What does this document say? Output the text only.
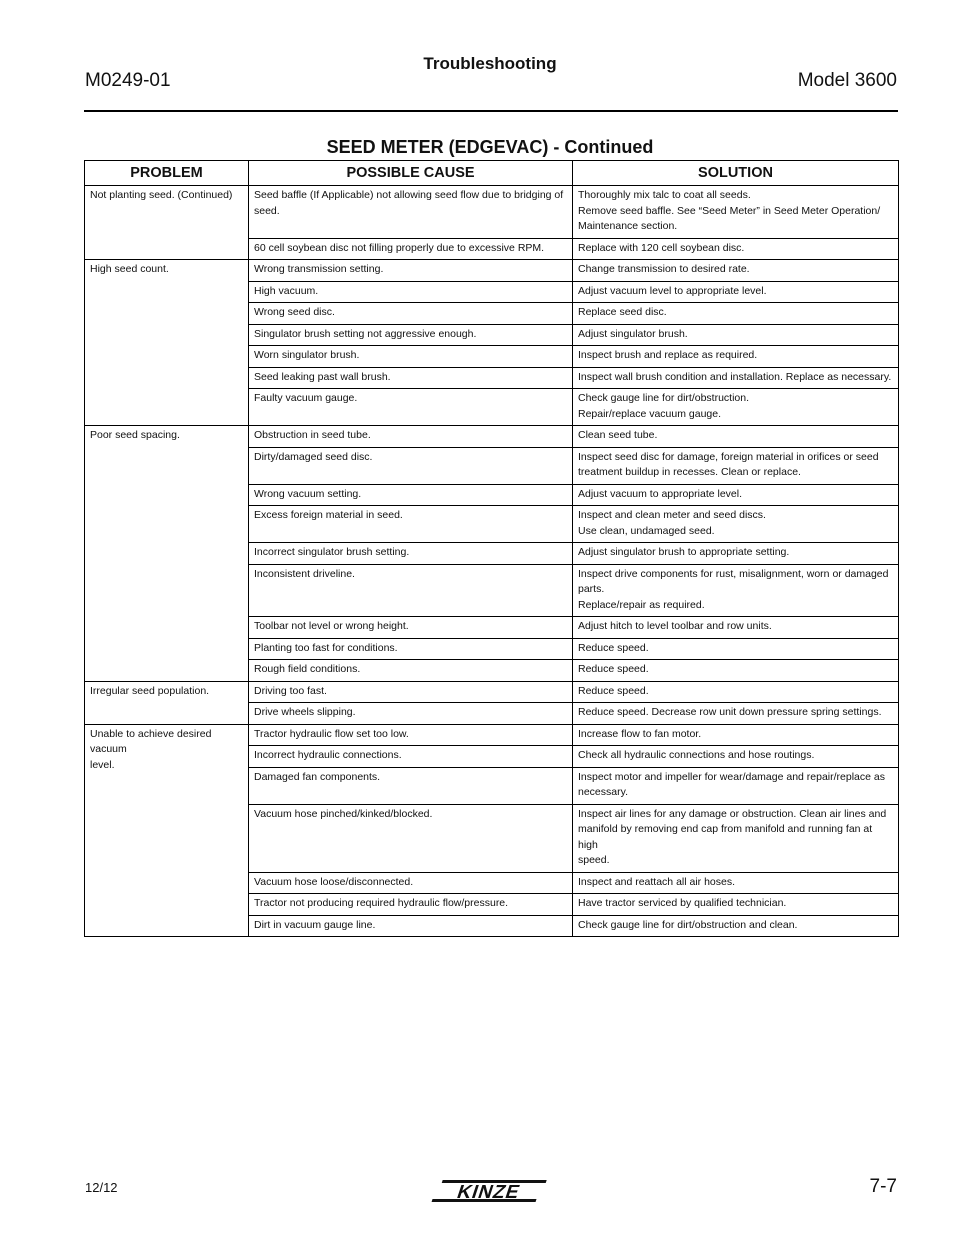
M0249-01
Troubleshooting
Model 3600
SEED METER (EDGEVAC) - Continued
PROBLEM	POSSIBLE CAUSE	SOLUTION

Not planting seed. (Continued)	Seed baffle (If Applicable) not allowing seed flow due to bridging of seed.	Thoroughly mix talc to coat all seeds.
Remove seed baffle. See “Seed Meter” in Seed Meter Operation/
Maintenance section.

	60 cell soybean disc not filling properly due to excessive RPM.	Replace with 120 cell soybean disc.

High seed count.	Wrong transmission setting.	Change transmission to desired rate.

	High vacuum.	Adjust vacuum level to appropriate level.

	Wrong seed disc.	Replace seed disc.

	Singulator brush setting not aggressive enough.	Adjust singulator brush.

	Worn singulator brush.	Inspect brush and replace as required.

	Seed leaking past wall brush.	Inspect wall brush condition and installation. Replace as necessary.

	Faulty vacuum gauge.	Check gauge line for dirt/obstruction.
Repair/replace vacuum gauge.

Poor seed spacing.	Obstruction in seed tube.	Clean seed tube.

	Dirty/damaged seed disc.	Inspect seed disc for damage, foreign material in orifices or seed
treatment buildup in recesses. Clean or replace.

	Wrong vacuum setting.	Adjust vacuum to appropriate level.

	Excess foreign material in seed.	Inspect and clean meter and seed discs.
Use clean, undamaged seed.

	Incorrect singulator brush setting.	Adjust singulator brush to appropriate setting.

	Inconsistent driveline.	Inspect drive components for rust, misalignment, worn or damaged
parts.
Replace/repair as required.

	Toolbar not level or wrong height.	Adjust hitch to level toolbar and row units.

	Planting too fast for conditions.	Reduce speed.

	Rough field conditions.	Reduce speed.

Irregular seed population.	Driving too fast.	Reduce speed.

	Drive wheels slipping.	Reduce speed. Decrease row unit down pressure spring settings.

Unable to achieve desired vacuum
level.	Tractor hydraulic flow set too low.	Increase flow to fan motor.

	Incorrect hydraulic connections.	Check all hydraulic connections and hose routings.

	Damaged fan components.	Inspect motor and impeller for wear/damage and repair/replace as
necessary.

	Vacuum hose pinched/kinked/blocked.	Inspect air lines for any damage or obstruction. Clean air lines and
manifold by removing end cap from manifold and running fan at high
speed.

	Vacuum hose loose/disconnected.	Inspect and reattach all air hoses.

	Tractor not producing required hydraulic flow/pressure.	Have tractor serviced by qualified technician.

	Dirt in vacuum gauge line.	Check gauge line for dirt/obstruction and clean.
12/12	KINZE	7-7
